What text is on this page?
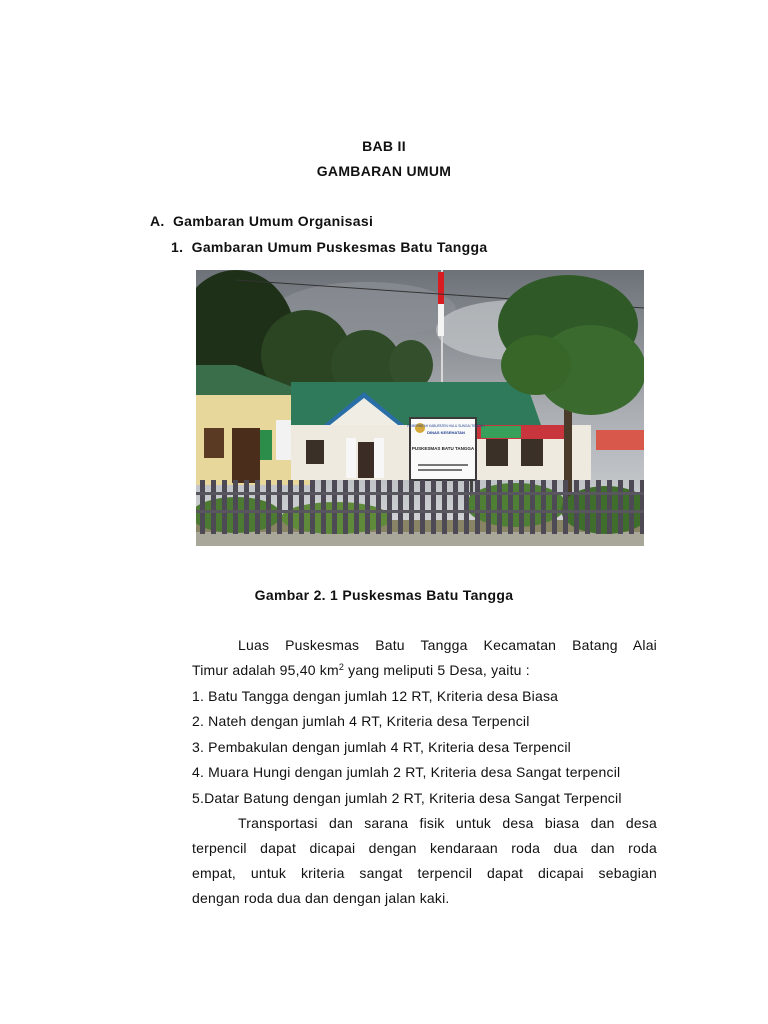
BAB II
GAMBARAN UMUM
A.  Gambaran Umum Organisasi
1.  Gambaran Umum Puskesmas Batu Tangga
PEMERINTAH KABUPATEN HULU SUNGAI TENGAH
DINAS KESEHATAN
PUSKESMAS BATU TANGGA
Gambar 2. 1 Puskesmas Batu Tangga
Luas Puskesmas Batu Tangga Kecamatan Batang Alai
Timur adalah 95,40 $km^2$ yang meliputi 5 Desa, yaitu :
1. Batu Tangga dengan jumlah 12 RT, Kriteria desa Biasa
2. Nateh dengan jumlah 4 RT, Kriteria desa Terpencil
3. Pembakulan dengan jumlah 4 RT, Kriteria desa Terpencil
4. Muara Hungi dengan jumlah 2 RT, Kriteria desa Sangat terpencil
5.Datar Batung dengan jumlah 2 RT, Kriteria desa Sangat Terpencil
Transportasi dan sarana fisik untuk desa biasa dan desa
terpencil dapat dicapai dengan kendaraan roda dua dan roda
empat, untuk kriteria sangat terpencil dapat dicapai sebagian
dengan roda dua dan dengan jalan kaki.
